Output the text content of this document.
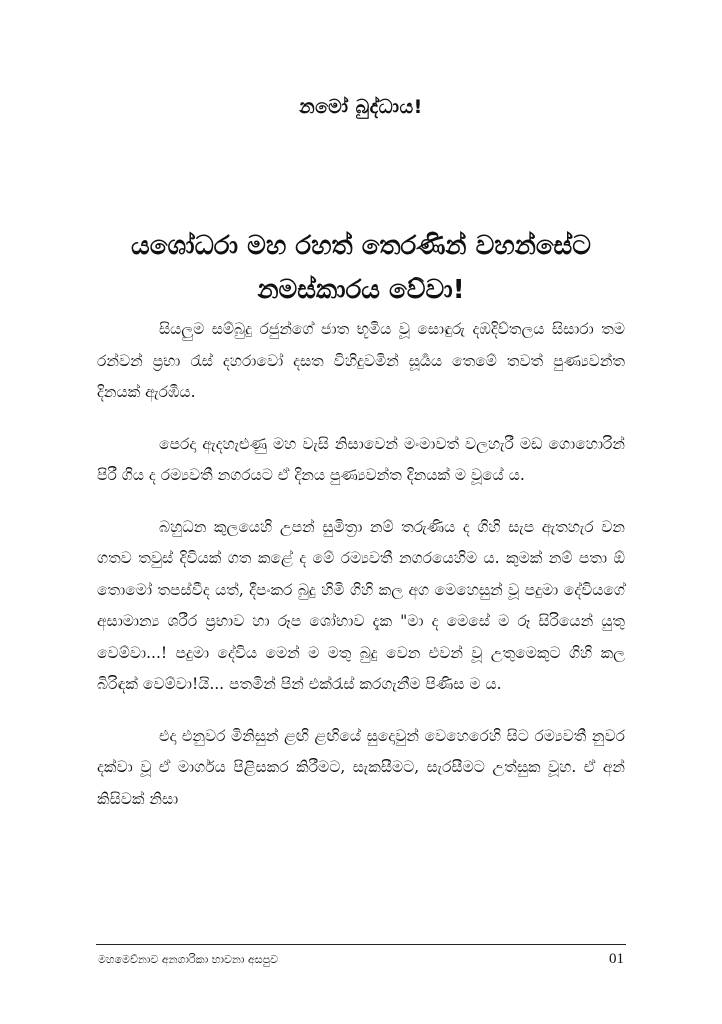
නමෝ බුද්ධාය!
යශෝධරා මහ රහත් තෙරණින් වහන්සේට
නමස්කාරය වේවා!

සියලුම සම්බුදු රජුන්ගේ ජාත භූමිය වූ සොඳුරු දඹදිව්තලය සිසාරා තම රන්වන් ප්‍රභා රැස් දහරාවෝ දසත විහිදුවමින් සූර්‍යය තෙමේ තවත් පුණ්‍යවන්ත දිනයක් ඇරඹීය.

පෙරදා ඇදහැළුණු මහ වැසි නිසාවෙන් මංමාවත් වලහැරී මඩ ගොහොරින් පිරී ගිය ද රම්‍යවතී නගරයට ඒ දිනය පුණ්‍යවන්ත දිනයක් ම වූයේ ය.

බහුධන කුලයෙහි උපන් සුමිත්‍රා නම් තරුණිය ද ගිහි සැප ඇතහැර වන ගතව තවුස් දිවියක් ගත කළේ ද මේ රම්‍යවතී නගරයෙහිම ය. කුමක් නම් පතා ඕ තොමෝ තපස්වීද යත්, දීපංකර බුදු හිමි ගිහි කල අග මෙහෙසුන් වූ පදුමා දේවියගේ අසාමාන්‍ය ශරීර ප්‍රභාව හා රූප ශෝභාව දැක "මා ද මෙසේ ම රූ සිරියෙන් යුතු වෙම්වා...! පදුමා දේවිය මෙන් ම මතු බුදු වෙන එවන් වූ උතුමෙකුට ගිහි කල බිරිඳක් වෙම්වා!යි... පතමින් පින් එක්රැස් කරගැනීම පිණිස ම ය.

එදා එනුවර මිනිසුන් ළඟි ළඟියේ සුදොවුන් වෙහෙරෙහි සිට රම්‍යවතී නුවර දක්වා වූ ඒ මාර්ගය පිළිසකර කිරීමට, සැකසීමට, සැරසීමට උත්සුක වූහ. ඒ අන් කිසිවක් නිසා

මහමෙව්නාව අනගාරිකා භාවනා අසපුව	01
